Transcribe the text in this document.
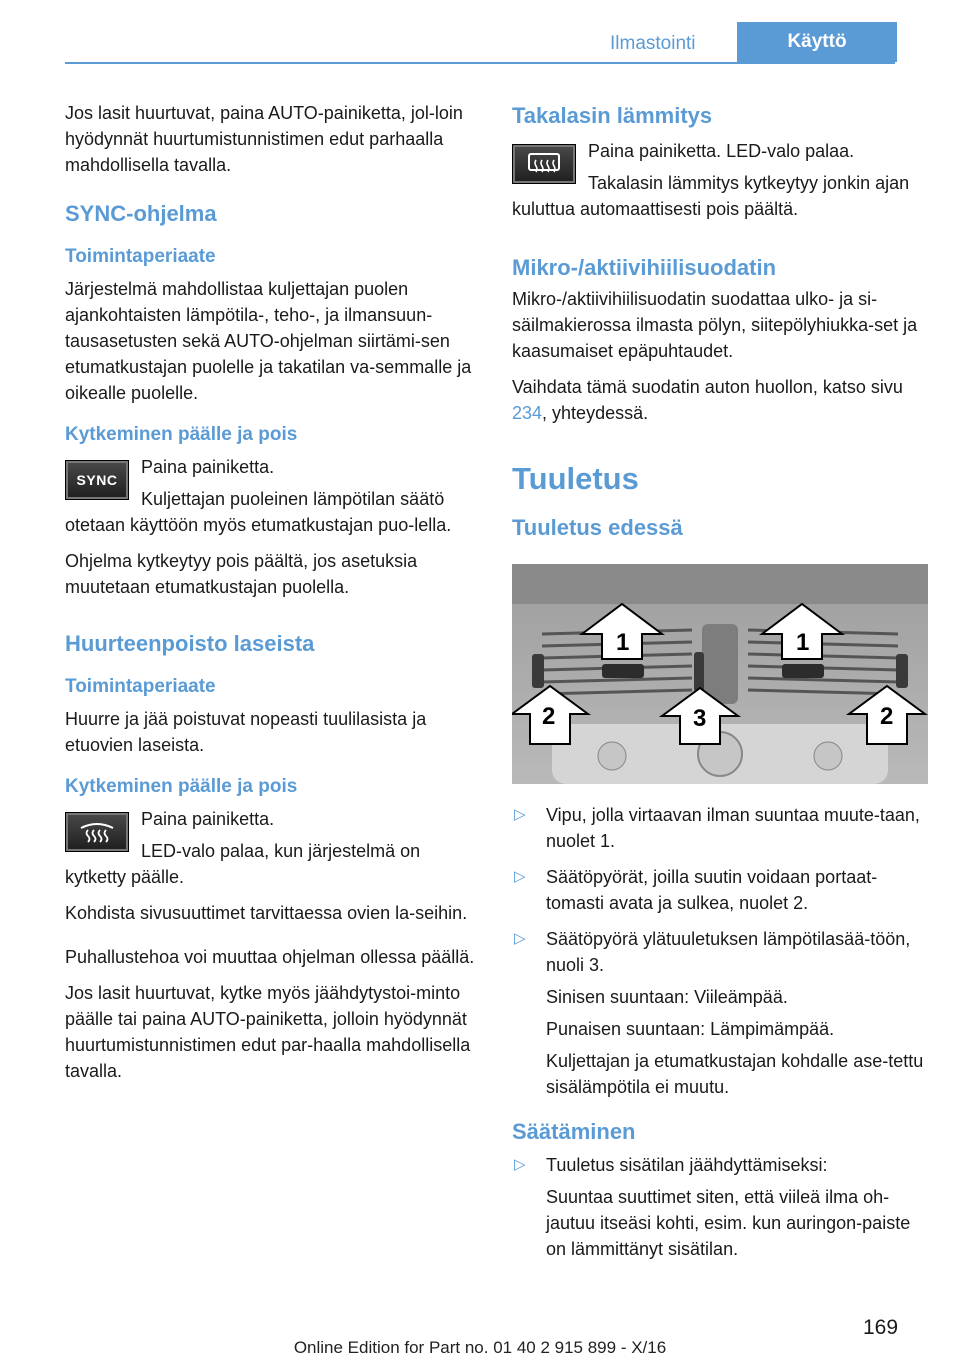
Ilmastointi	Käyttö

Jos lasit huurtuvat, paina AUTO-painiketta, jol‐loin hyödynnät huurtumistunnistimen edut parhaalla mahdollisella tavalla.

SYNC-ohjelma
Toimintaperiaate

Järjestelmä mahdollistaa kuljettajan puolen ajankohtaisten lämpötila-, teho-, ja ilmansuun‐tausasetusten sekä AUTO-ohjelman siirtämi‐sen etumatkustajan puolelle ja takatilan va‐semmalle ja oikealle puolelle.

Kytkeminen päälle ja pois
SYNC

Paina painiketta.

Kuljettajan puoleinen lämpötilan säätö otetaan käyttöön myös etumatkustajan puo‐lella.

Ohjelma kytkeytyy pois päältä, jos asetuksia muutetaan etumatkustajan puolella.

Huurteenpoisto laseista
Toimintaperiaate

Huurre ja jää poistuvat nopeasti tuulilasista ja etuovien laseista.

Kytkeminen päälle ja pois

Paina painiketta.

LED-valo palaa, kun järjestelmä on kytketty päälle.

Kohdista sivusuuttimet tarvittaessa ovien la‐seihin.

Puhallustehoa voi muuttaa ohjelman ollessa päällä.

Jos lasit huurtuvat, kytke myös jäähdytystoi‐minto päälle tai paina AUTO-painiketta, jolloin hyödynnät huurtumistunnistimen edut par‐haalla mahdollisella tavalla.

Takalasin lämmitys

Paina painiketta. LED-valo palaa.

Takalasin lämmitys kytkeytyy jonkin ajan kuluttua automaattisesti pois päältä.

Mikro-/aktiivihiilisuodatin

Mikro-/aktiivihiilisuodatin suodattaa ulko- ja si‐säilmakierossa ilmasta pölyn, siitepölyhiukka‐set ja kaasumaiset epäpuhtaudet.

Vaihdata tämä suodatin auton huollon, katso sivu 234, yhteydessä.

Tuuletus
Tuuletus edessä
1	1
2	3	2
▷ Vipu, jolla virtaavan ilman suuntaa muute‐taan, nuolet 1.

▷ Säätöpyörät, joilla suutin voidaan portaat‐tomasti avata ja sulkea, nuolet 2.

▷ Säätöpyörä ylätuuletuksen lämpötilasää‐töön, nuoli 3.

Sinisen suuntaan: Viileämpää.

Punaisen suuntaan: Lämpimämpää.

Kuljettajan ja etumatkustajan kohdalle ase‐tettu sisälämpötila ei muutu.

Säätäminen
▷ Tuuletus sisätilan jäähdyttämiseksi:

Suuntaa suuttimet siten, että viileä ilma oh‐jautuu itseäsi kohti, esim. kun auringon‐paiste on lämmittänyt sisätilan.

169
Online Edition for Part no. 01 40 2 915 899 - X/16
